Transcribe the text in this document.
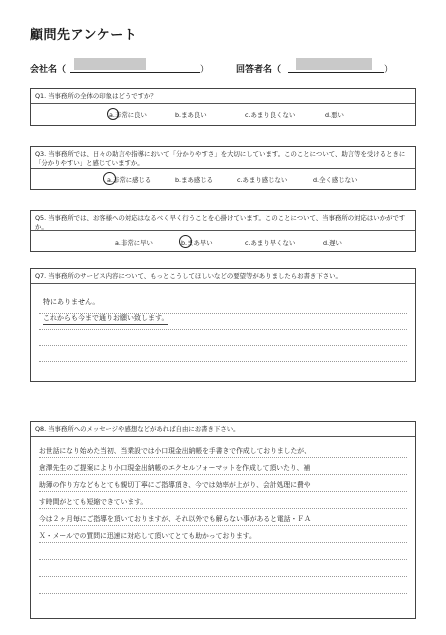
顧問先アンケート
会社名（	）	回答者名（	）
Q1. 当事務所の全体の印象はどうですか？
a.非常に良い	b.まあ良い	c.あまり良くない	d.悪い
Q3. 当事務所では、日々の助言や指導において「分かりやすさ」を大切にしています。このことについて、助言等を受けるときに「分かりやすい」と感じていますか。
a.非常に感じる	b.まあ感じる	c.あまり感じない	d.全く感じない
Q5. 当事務所では、お客様への対応はなるべく早く行うことを心掛けています。このことについて、当事務所の対応はいかがですか。
a.非常に早い	b.まあ早い	c.あまり早くない	d.遅い
Q7. 当事務所のサービス内容について、もっとこうしてほしいなどの要望等がありましたらお書き下さい。
特にありません。
これからも今まで通りお願い致します。
Q8. 当事務所へのメッセージや感想などがあれば自由にお書き下さい。
お世話になり始めた当初、当業設では小口現金出納帳を手書きで作成しておりましたが、
倉澤先生のご提案により小口現金出納帳のエクセルフォーマットを作成して頂いたり、補
助簿の作り方などもとても親切丁寧にご指導頂き、今では効率が上がり、会計処理に費や
す時間がとても短縮できています。
今は２ヶ月毎にご指導を頂いておりますが、それ以外でも解らない事があると電話・ＦＡ
Ｘ・メールでの質問に迅速に対応して頂いてとても助かっております。
